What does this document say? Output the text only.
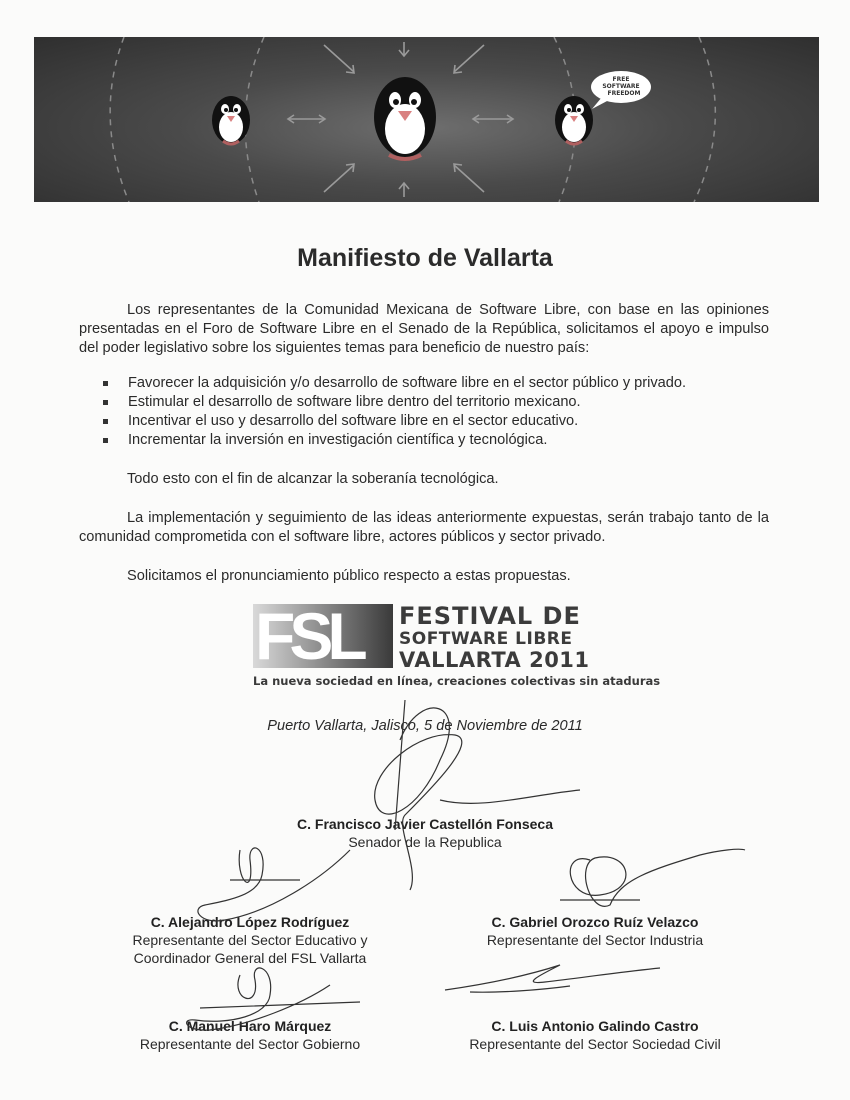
FREE
SOFTWARE
FREEDOM
Manifiesto de Vallarta
Los representantes de la Comunidad Mexicana de Software Libre, con base en las opiniones presentadas en el Foro de Software Libre en el Senado de la República, solicitamos el apoyo e impulso del poder legislativo sobre los siguientes temas para beneficio de nuestro país:
Favorecer la adquisición y/o desarrollo de software libre en el sector público y privado.
Estimular el desarrollo de software libre dentro del territorio mexicano.
Incentivar el uso y desarrollo del software libre en el sector educativo.
Incrementar la inversión en investigación científica y tecnológica.
Todo esto con el fin de alcanzar la soberanía tecnológica.
La implementación y seguimiento de las ideas anteriormente expuestas, serán trabajo tanto de la comunidad comprometida con el software libre, actores públicos y sector privado.
Solicitamos el pronunciamiento público respecto a estas propuestas.
FSL FESTIVAL DE
SOFTWARE LIBRE
VALLARTA 2011
La nueva sociedad en línea, creaciones colectivas sin ataduras
Puerto Vallarta, Jalisco, 5 de Noviembre de 2011
C. Francisco Javier Castellón Fonseca
Senador de la Republica
C. Alejandro López Rodríguez
Representante del Sector Educativo y
Coordinador General del FSL Vallarta
C. Gabriel Orozco Ruíz Velazco
Representante del Sector Industria
C. Manuel Haro Márquez
Representante del Sector Gobierno
C. Luis Antonio Galindo Castro
Representante del Sector Sociedad Civil
